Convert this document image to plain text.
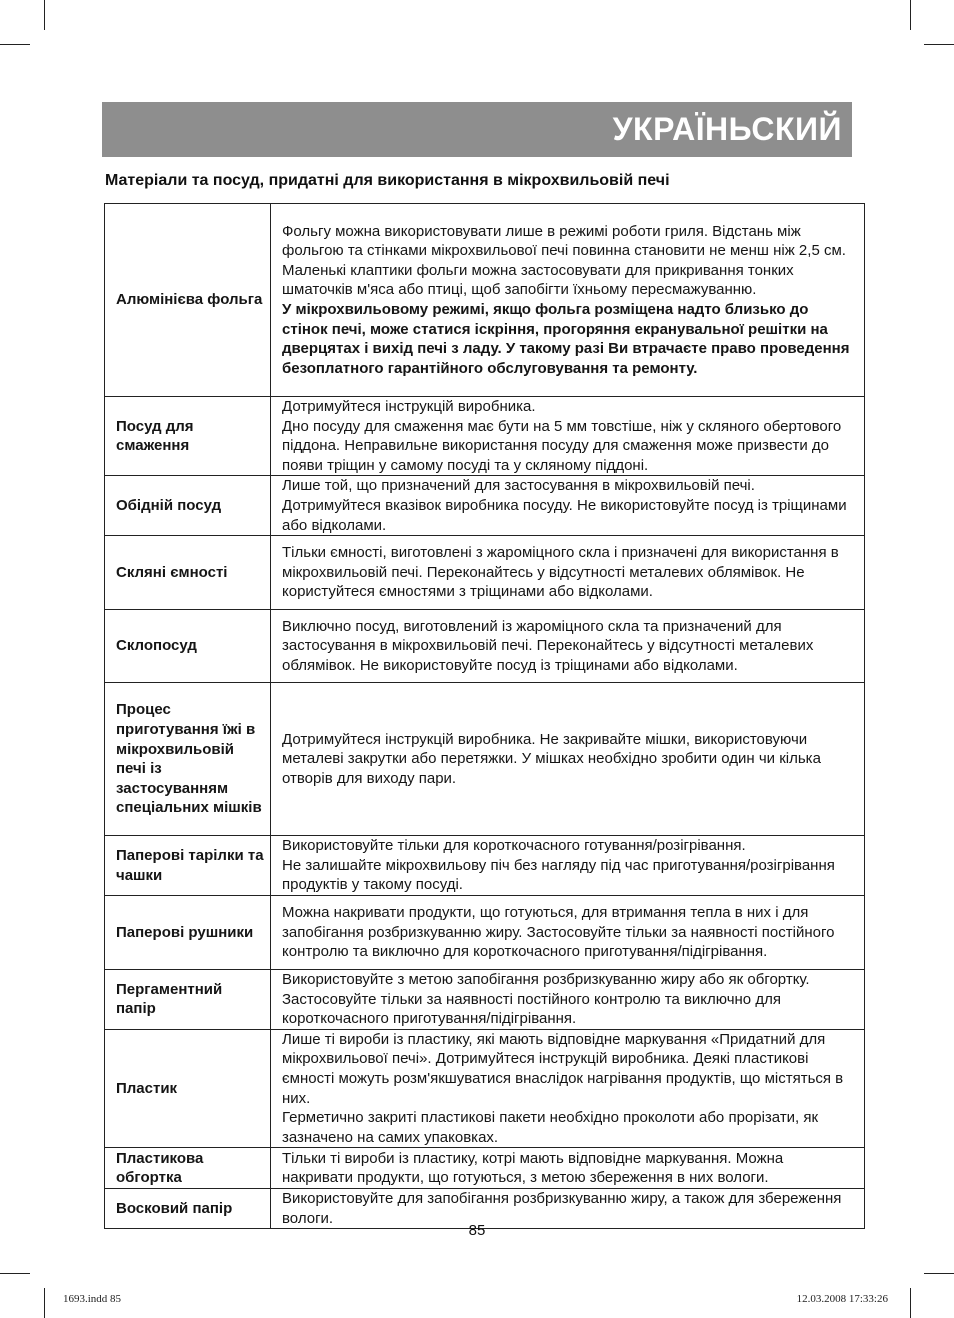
УКРАЇНЬСКИЙ
Матеріали та посуд, придатні для використання в мікрохвильовій печі
Алюмінієва фольга	Фольгу можна використовувати лише в режимі роботи гриля. Відстань між фольгою та стінками мікрохвильової печі повинна становити не менш ніж 2,5 см. Маленькі клаптики фольги можна застосовувати для прикривання тонких шматочків м'яса або птиці, щоб запобігти їхньому пересмажуванню.
У мікрохвильовому режимі, якщо фольга розміщена надто близько до стінок печі, може статися іскріння, прогоряння екранувальної решітки на дверцятах і вихід печі з ладу. У такому разі Ви втрачаєте право проведення безоплатного гарантійного обслуговування та ремонту.

Посуд для смаження	Дотримуйтеся інструкцій виробника.
Дно посуду для смаження має бути на 5 мм товстіше, ніж у скляного обертового піддона. Неправильне використання посуду для смаження може призвести до появи тріщин у самому посуді та у скляному піддоні.

Обідній посуд	Лише той, що призначений для застосування в мікрохвильовій печі. Дотримуйтеся вказівок виробника посуду. Не використовуйте посуд із тріщинами або відколами.
Скляні ємності	Тільки ємності, виготовлені з жароміцного скла і призначені для використання в мікрохвильовій печі. Переконайтесь у відсутності металевих облямівок. Не користуйтеся ємностями з тріщинами або відколами.
Склопосуд	Виключно посуд, виготовлений із жароміцного скла та призначений для застосування в мікрохвильовій печі. Переконайтесь у відсутності металевих облямівок. Не використовуйте посуд із тріщинами або відколами.
Процес приготування їжі в мікрохвильовій печі із застосуванням спеціальних мішків	Дотримуйтеся інструкцій виробника. Не закривайте мішки, використовуючи металеві закрутки або перетяжки. У мішках необхідно зробити один чи кілька отворів для виходу пари.
Паперові тарілки та чашки	Використовуйте тільки для короткочасного готування/розігрівання.
Не залишайте мікрохвильову піч без нагляду під час приготування/розігрівання продуктів у такому посуді.

Паперові рушники	Можна накривати продукти, що готуються, для втримання тепла в них і для запобігання розбризкуванню жиру. Застосовуйте тільки за наявності постійного контролю та виключно для короткочасного приготування/підігрівання.
Пергаментний папір	Використовуйте з метою запобігання розбризкуванню жиру або як обгортку. Застосовуйте тільки за наявності постійного контролю та виключно для короткочасного приготування/підігрівання.
Пластик	Лише ті вироби із пластику, які мають відповідне маркування «Придатний для мікрохвильової печі». Дотримуйтеся інструкцій виробника. Деякі пластикові ємності можуть розм'якшуватися внаслідок нагрівання продуктів, що містяться в них.
Герметично закриті пластикові пакети необхідно проколоти або прорізати, як зазначено на самих упаковках.

Пластикова обгортка	Тільки ті вироби із пластику, котрі мають відповідне маркування. Можна накривати продукти, що готуються, з метою збереження в них вологи.
Восковий папір	Використовуйте для запобігання розбризкуванню жиру, а також для збереження вологи.
85
1693.indd 85	12.03.2008 17:33:26
